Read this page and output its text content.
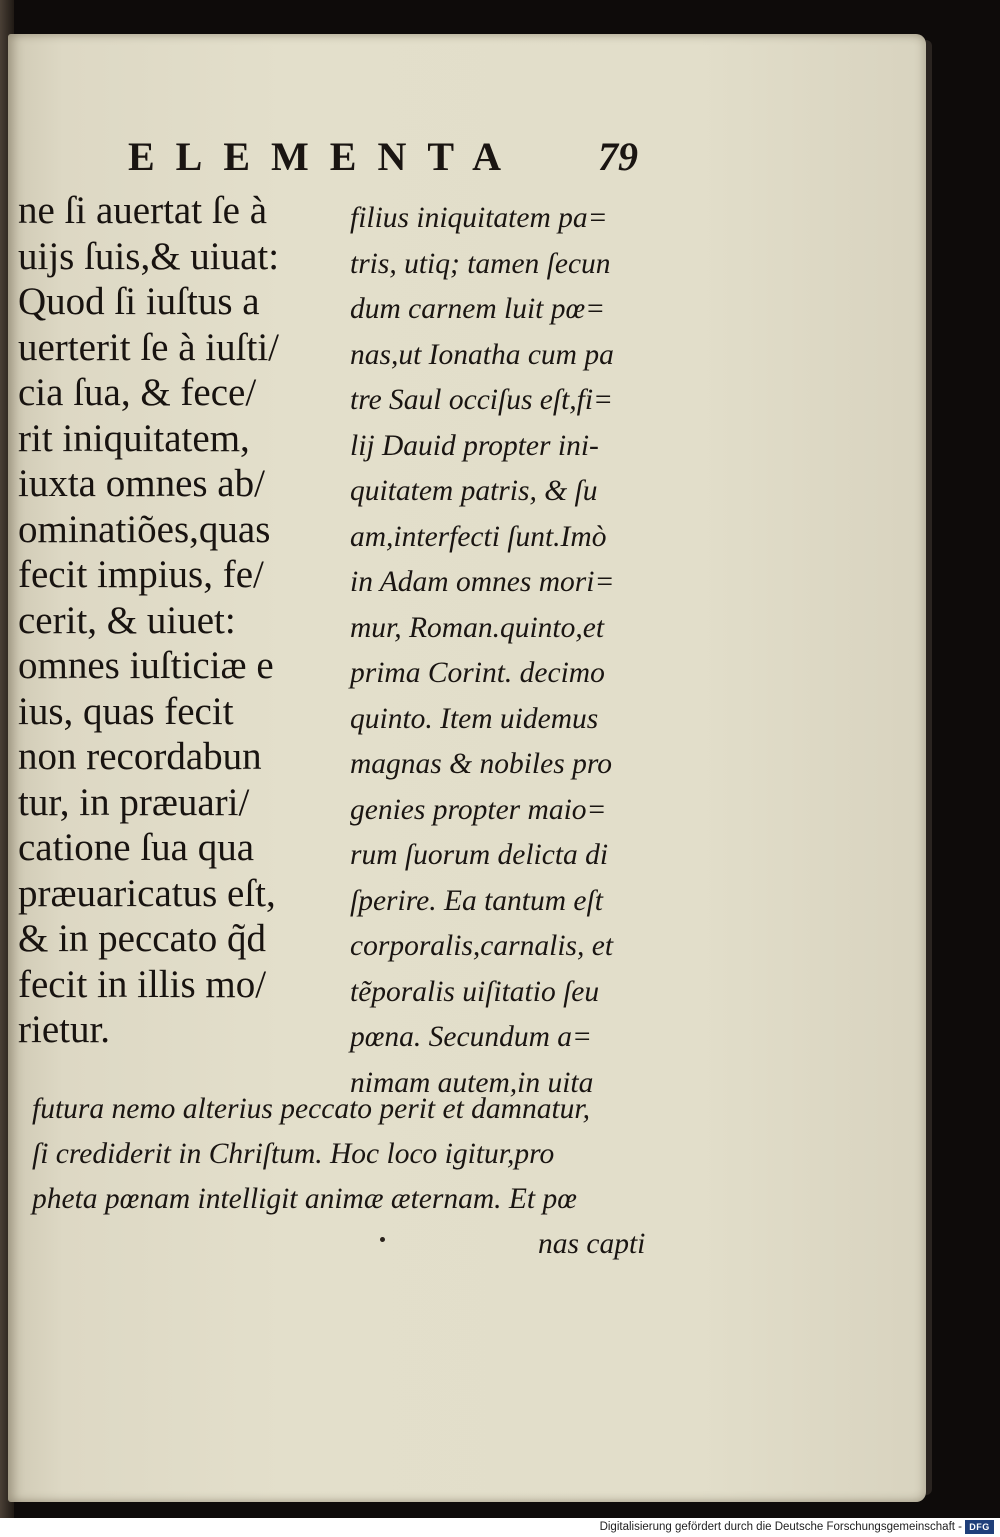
ELEMENTA 79
ne ſi auertat ſe à
uijs ſuis,& uiuat:
Quod ſi iuſtus a
uerterit ſe à iuſti/
cia ſua, & fece/
rit iniquitatem,
iuxta omnes ab/
ominatiões,quas
fecit impius, fe/
cerit, & uiuet:
omnes iuſticiæ e
ius, quas fecit
non recordabun
tur, in præuari/
catione ſua qua
præuaricatus eſt,
& in peccato q̃d
fecit in illis mo/
rietur.
filius iniquitatem pa=
tris, utiq; tamen ſecun
dum carnem luit pœ=
nas,ut Ionatha cum pa
tre Saul occiſus eſt,fi=
lij Dauid propter ini-
quitatem patris, & ſu
am,interfecti ſunt.Imò
in Adam omnes mori=
mur, Roman.quinto,et
prima Corint. decimo
quinto. Item uidemus
magnas & nobiles pro
genies propter maio=
rum ſuorum delicta di
ſperire. Ea tantum eſt
corporalis,carnalis, et
tẽporalis uiſitatio ſeu
pœna. Secundum a=
nimam autem,in uita
futura nemo alterius peccato perit et damnatur,
ſi crediderit in Chriſtum. Hoc loco igitur,pro
pheta pœnam intelligit animæ æternam. Et pœ
nas capti
Digitalisierung gefördert durch die Deutsche Forschungsgemeinschaft - DFG
